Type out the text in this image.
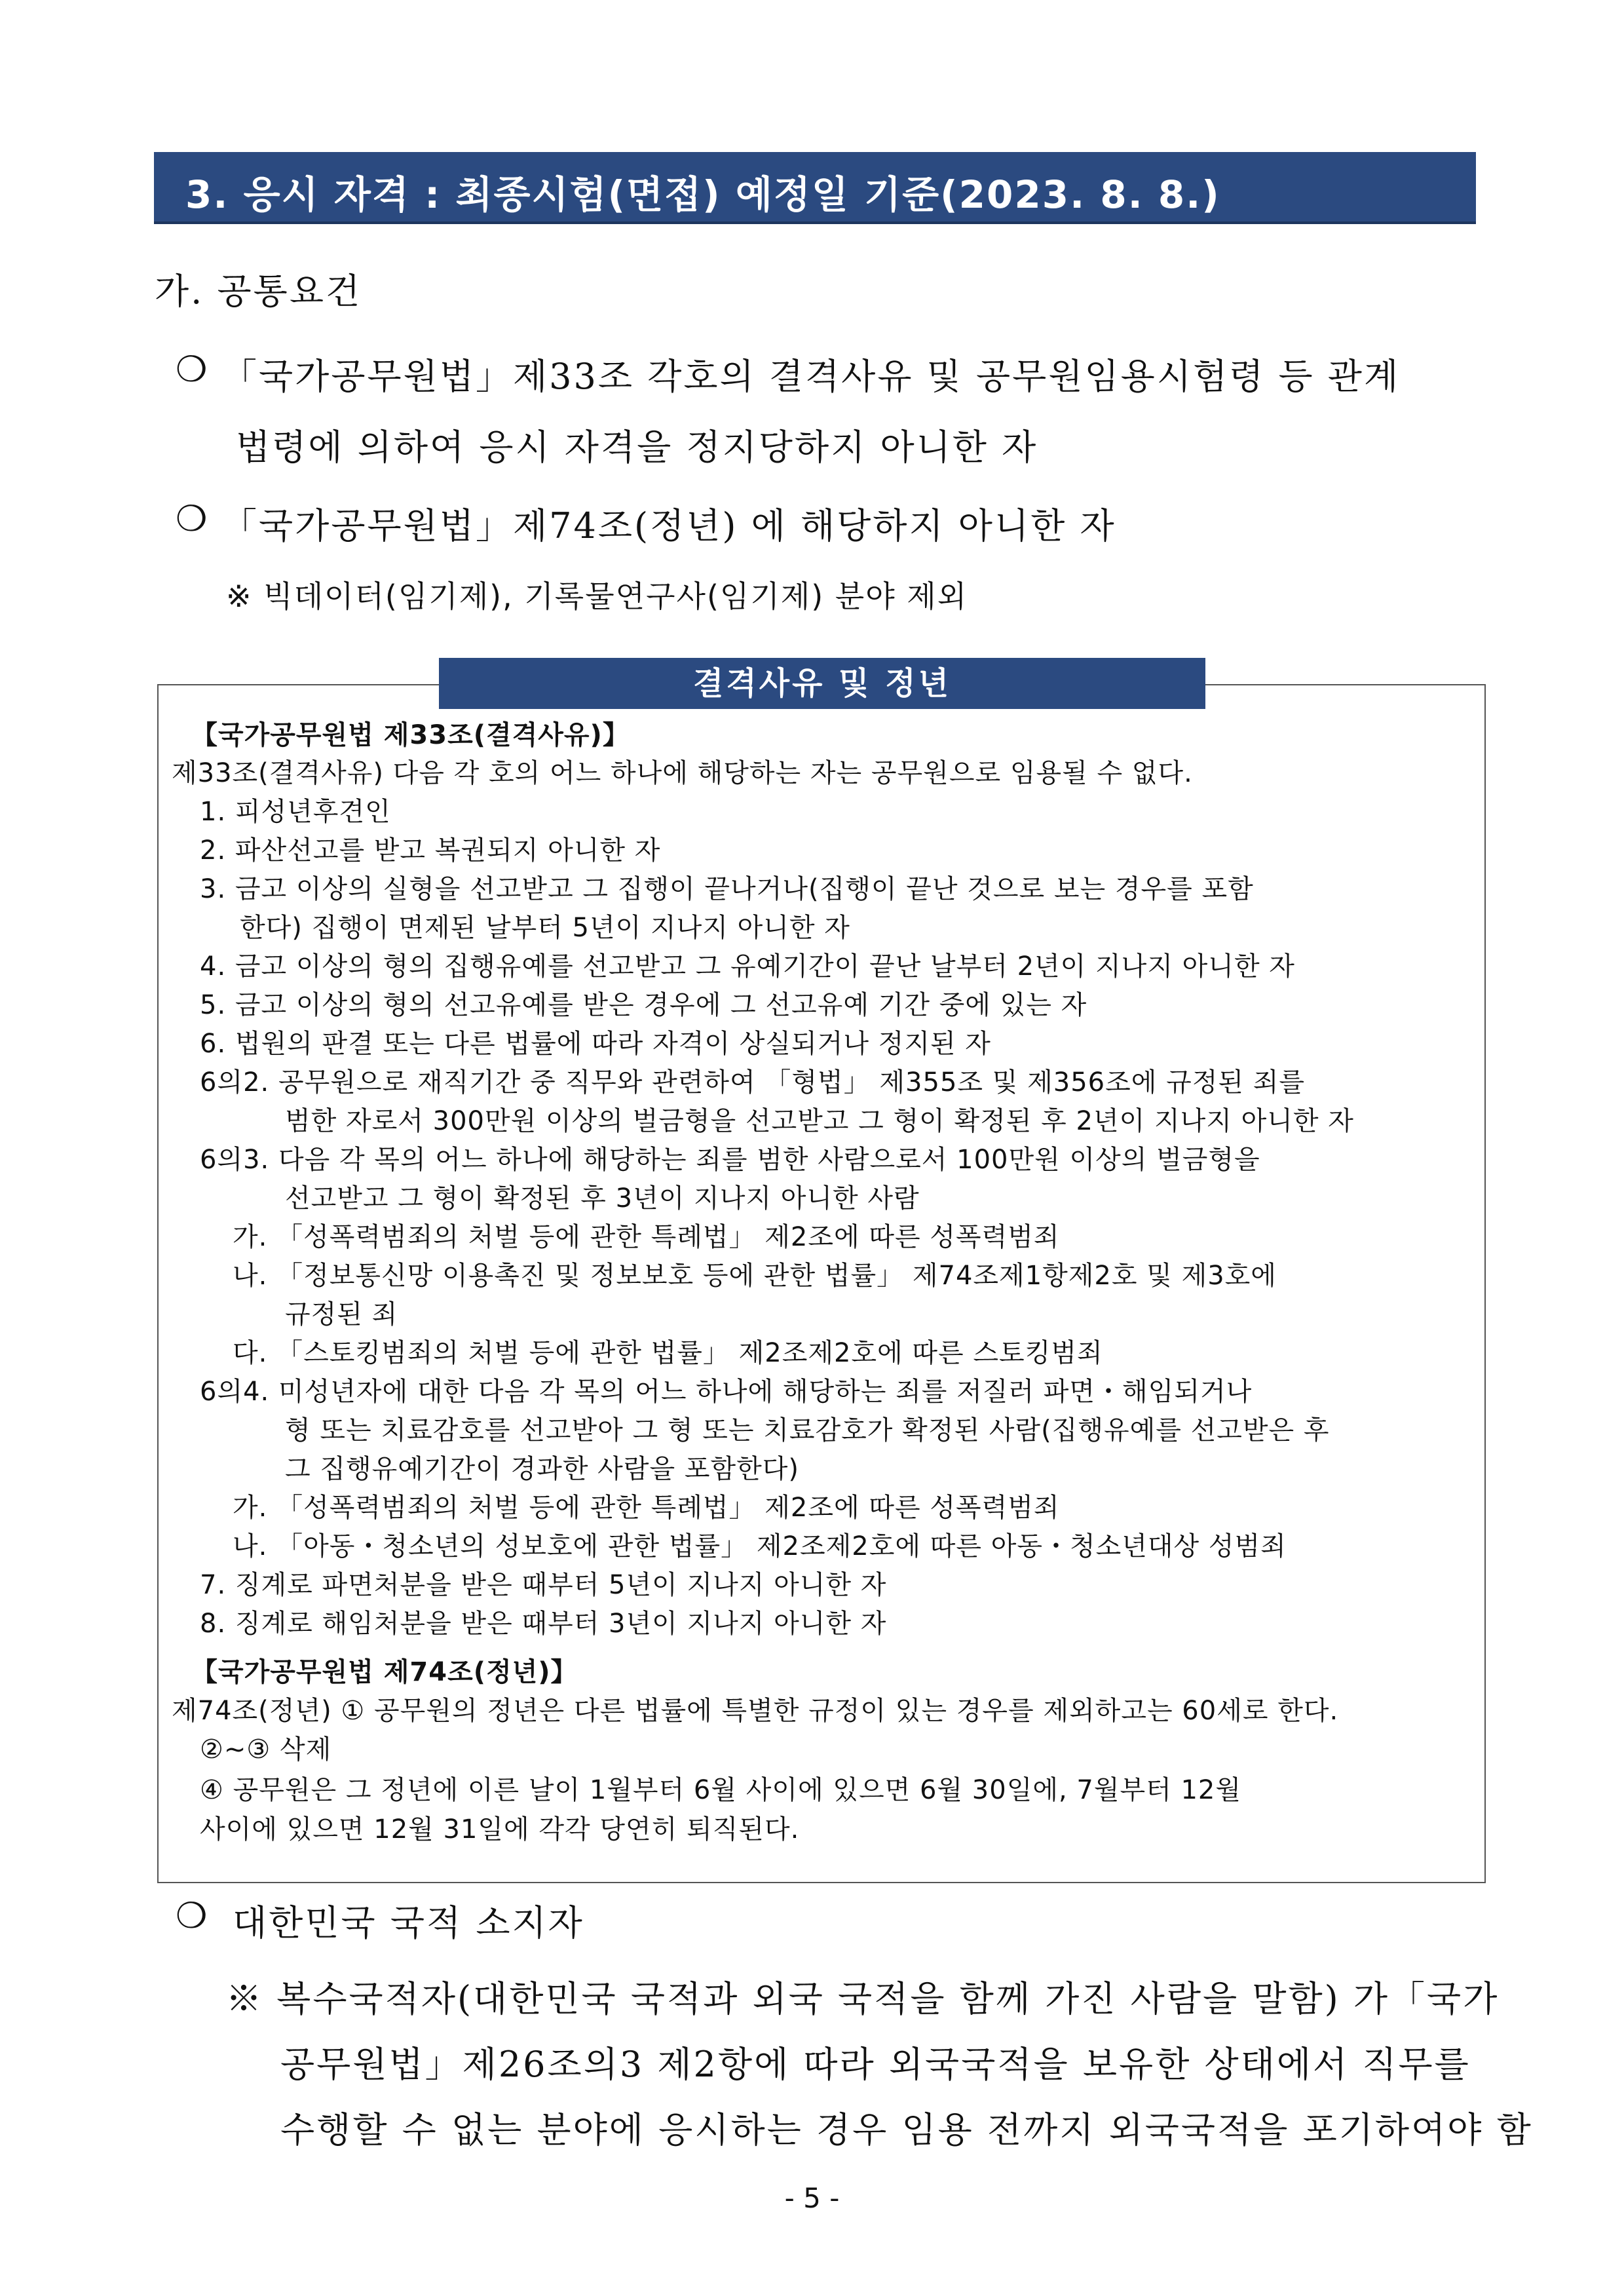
3. 응시 자격 : 최종시험(면접) 예정일 기준(2023. 8. 8.)
가. 공통요건
❍ 「국가공무원법」제33조 각호의 결격사유 및 공무원임용시험령 등 관계
법령에 의하여 응시 자격을 정지당하지 아니한 자
❍ 「국가공무원법」제74조(정년) 에 해당하지 아니한 자
※ 빅데이터(임기제), 기록물연구사(임기제) 분야 제외
결격사유 및 정년
【국가공무원법 제33조(결격사유)】
제33조(결격사유) 다음 각 호의 어느 하나에 해당하는 자는 공무원으로 임용될 수 없다.
1. 피성년후견인
2. 파산선고를 받고 복권되지 아니한 자
3. 금고 이상의 실형을 선고받고 그 집행이 끝나거나(집행이 끝난 것으로 보는 경우를 포함
한다) 집행이 면제된 날부터 5년이 지나지 아니한 자
4. 금고 이상의 형의 집행유예를 선고받고 그 유예기간이 끝난 날부터 2년이 지나지 아니한 자
5. 금고 이상의 형의 선고유예를 받은 경우에 그 선고유예 기간 중에 있는 자
6. 법원의 판결 또는 다른 법률에 따라 자격이 상실되거나 정지된 자
6의2. 공무원으로 재직기간 중 직무와 관련하여 「형법」 제355조 및 제356조에 규정된 죄를
범한 자로서 300만원 이상의 벌금형을 선고받고 그 형이 확정된 후 2년이 지나지 아니한 자
6의3. 다음 각 목의 어느 하나에 해당하는 죄를 범한 사람으로서 100만원 이상의 벌금형을
선고받고 그 형이 확정된 후 3년이 지나지 아니한 사람
가. 「성폭력범죄의 처벌 등에 관한 특례법」 제2조에 따른 성폭력범죄
나. 「정보통신망 이용촉진 및 정보보호 등에 관한 법률」 제74조제1항제2호 및 제3호에
규정된 죄
다. 「스토킹범죄의 처벌 등에 관한 법률」 제2조제2호에 따른 스토킹범죄
6의4. 미성년자에 대한 다음 각 목의 어느 하나에 해당하는 죄를 저질러 파면・해임되거나
형 또는 치료감호를 선고받아 그 형 또는 치료감호가 확정된 사람(집행유예를 선고받은 후
그 집행유예기간이 경과한 사람을 포함한다)
가. 「성폭력범죄의 처벌 등에 관한 특례법」 제2조에 따른 성폭력범죄
나. 「아동・청소년의 성보호에 관한 법률」 제2조제2호에 따른 아동・청소년대상 성범죄
7. 징계로 파면처분을 받은 때부터 5년이 지나지 아니한 자
8. 징계로 해임처분을 받은 때부터 3년이 지나지 아니한 자
【국가공무원법 제74조(정년)】
제74조(정년) ① 공무원의 정년은 다른 법률에 특별한 규정이 있는 경우를 제외하고는 60세로 한다.
②~③ 삭제
④ 공무원은 그 정년에 이른 날이 1월부터 6월 사이에 있으면 6월 30일에, 7월부터 12월
사이에 있으면 12월 31일에 각각 당연히 퇴직된다.
❍ 대한민국 국적 소지자
※ 복수국적자(대한민국 국적과 외국 국적을 함께 가진 사람을 말함) 가「국가
공무원법」제26조의3 제2항에 따라 외국국적을 보유한 상태에서 직무를
수행할 수 없는 분야에 응시하는 경우 임용 전까지 외국국적을 포기하여야 함
- 5 -
